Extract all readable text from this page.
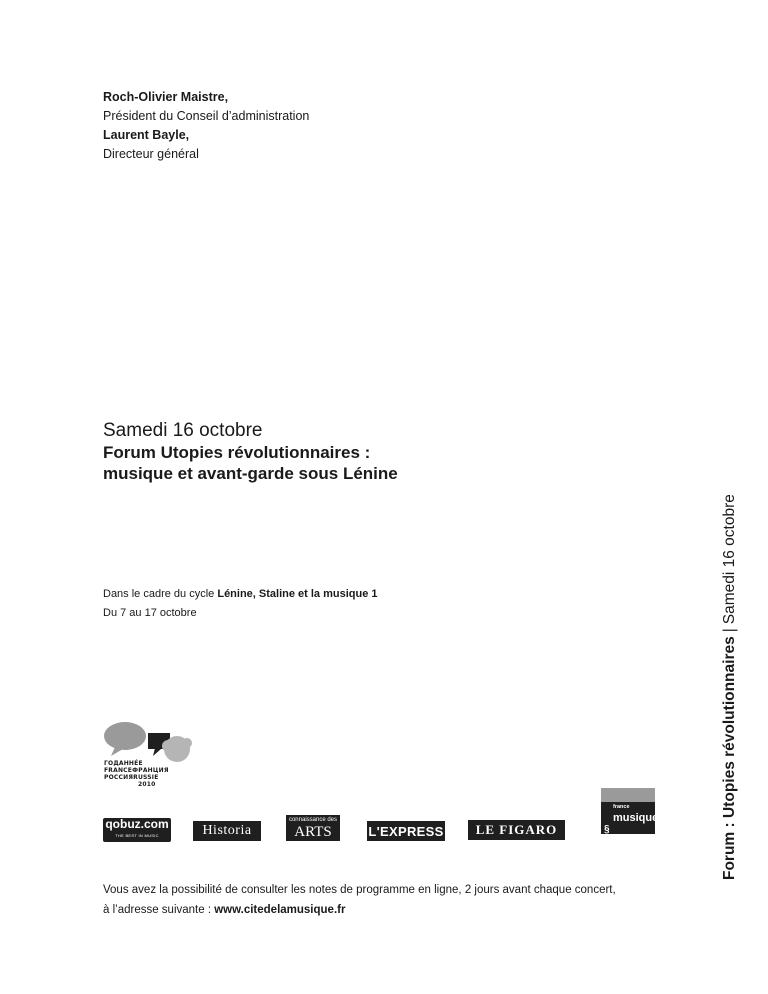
Roch-Olivier Maistre,
Président du Conseil d’administration
Laurent Bayle,
Directeur général
Samedi 16 octobre
Forum Utopies révolutionnaires :
musique et avant-garde sous Lénine
Dans le cadre du cycle Lénine, Staline et la musique 1
Du 7 au 17 octobre
Forum : Utopies révolutionnaires|Samedi 16 octobre
ГОДАННÉE
FRANCEФРАНЦИЯ
РОССИЯRUSSIE
2010
qobuz.com
THE BEST IN MUSIC	Historia
connaissance des
ARTS	L'EXPRESS	LE FIGARO
france
musique
§
Vous avez la possibilité de consulter les notes de programme en ligne, 2 jours avant chaque concert,
à l’adresse suivante : www.citedelamusique.fr
